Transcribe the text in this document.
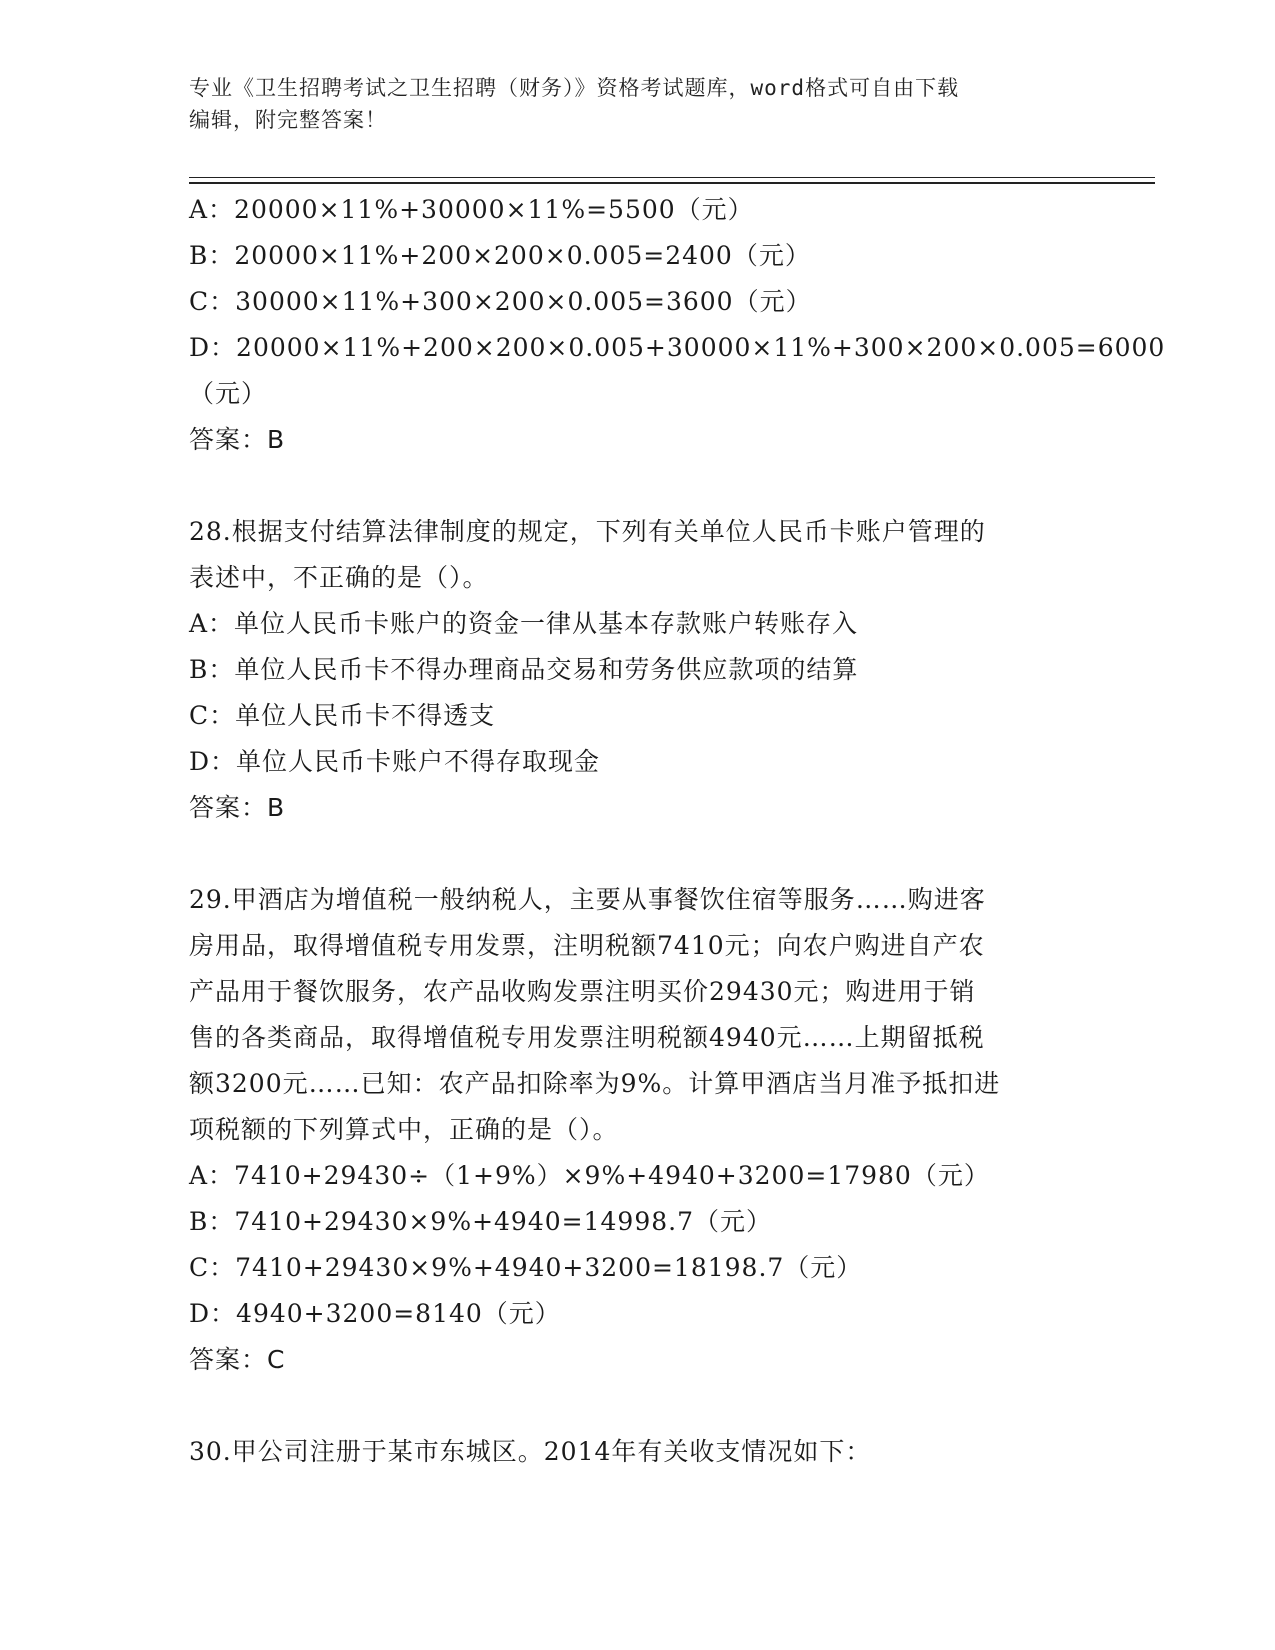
专业《卫生招聘考试之卫生招聘（财务）》资格考试题库，word格式可自由下载
编辑，附完整答案！
A：20000×11%+30000×11%=5500（元）
B：20000×11%+200×200×0.005=2400（元）
C：30000×11%+300×200×0.005=3600（元）
D：20000×11%+200×200×0.005+30000×11%+300×200×0.005=6000
（元）
答案：B
28.根据支付结算法律制度的规定，下列有关单位人民币卡账户管理的
表述中，不正确的是（）。
A：单位人民币卡账户的资金一律从基本存款账户转账存入
B：单位人民币卡不得办理商品交易和劳务供应款项的结算
C：单位人民币卡不得透支
D：单位人民币卡账户不得存取现金
答案：B
29.甲酒店为增值税一般纳税人，主要从事餐饮住宿等服务……购进客
房用品，取得增值税专用发票，注明税额7410元；向农户购进自产农
产品用于餐饮服务，农产品收购发票注明买价29430元；购进用于销
售的各类商品，取得增值税专用发票注明税额4940元……上期留抵税
额3200元……已知：农产品扣除率为9%。计算甲酒店当月准予抵扣进
项税额的下列算式中，正确的是（）。
A：7410+29430÷（1+9%）×9%+4940+3200=17980（元）
B：7410+29430×9%+4940=14998.7（元）
C：7410+29430×9%+4940+3200=18198.7（元）
D：4940+3200=8140（元）
答案：C
30.甲公司注册于某市东城区。2014年有关收支情况如下：
